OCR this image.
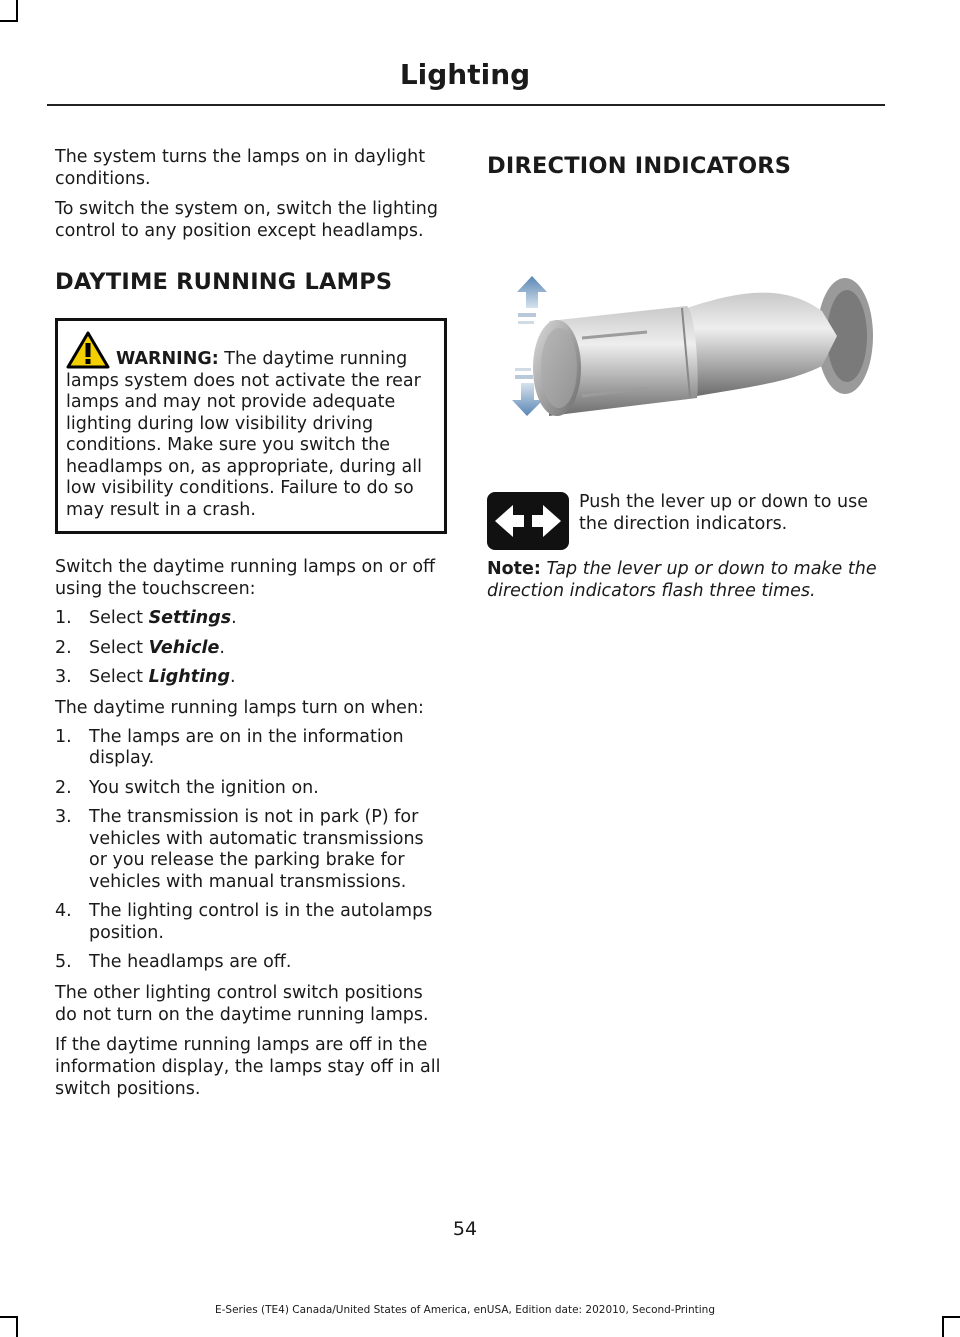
Lighting

The system turns the lamps on in daylight conditions.

To switch the system on, switch the lighting control to any position except headlamps.

DAYTIME RUNNING LAMPS
WARNING: The daytime running lamps system does not activate the rear lamps and may not provide adequate lighting during low visibility driving conditions. Make sure you switch the headlamps on, as appropriate, during all low visibility conditions. Failure to do so may result in a crash.

Switch the daytime running lamps on or off using the touchscreen:

1. Select Settings.
2. Select Vehicle.
3. Select Lighting.

The daytime running lamps turn on when:

1. The lamps are on in the information display.
2. You switch the ignition on.
3. The transmission is not in park (P) for vehicles with automatic transmissions or you release the parking brake for vehicles with manual transmissions.
4. The lighting control is in the autolamps position.
5. The headlamps are off.

The other lighting control switch positions do not turn on the daytime running lamps.

If the daytime running lamps are off in the information display, the lamps stay off in all switch positions.

DIRECTION INDICATORS
Push the lever up or down to use the direction indicators.

Note: Tap the lever up or down to make the direction indicators flash three times.

54
E-Series (TE4) Canada/United States of America, enUSA, Edition date: 202010, Second-Printing
